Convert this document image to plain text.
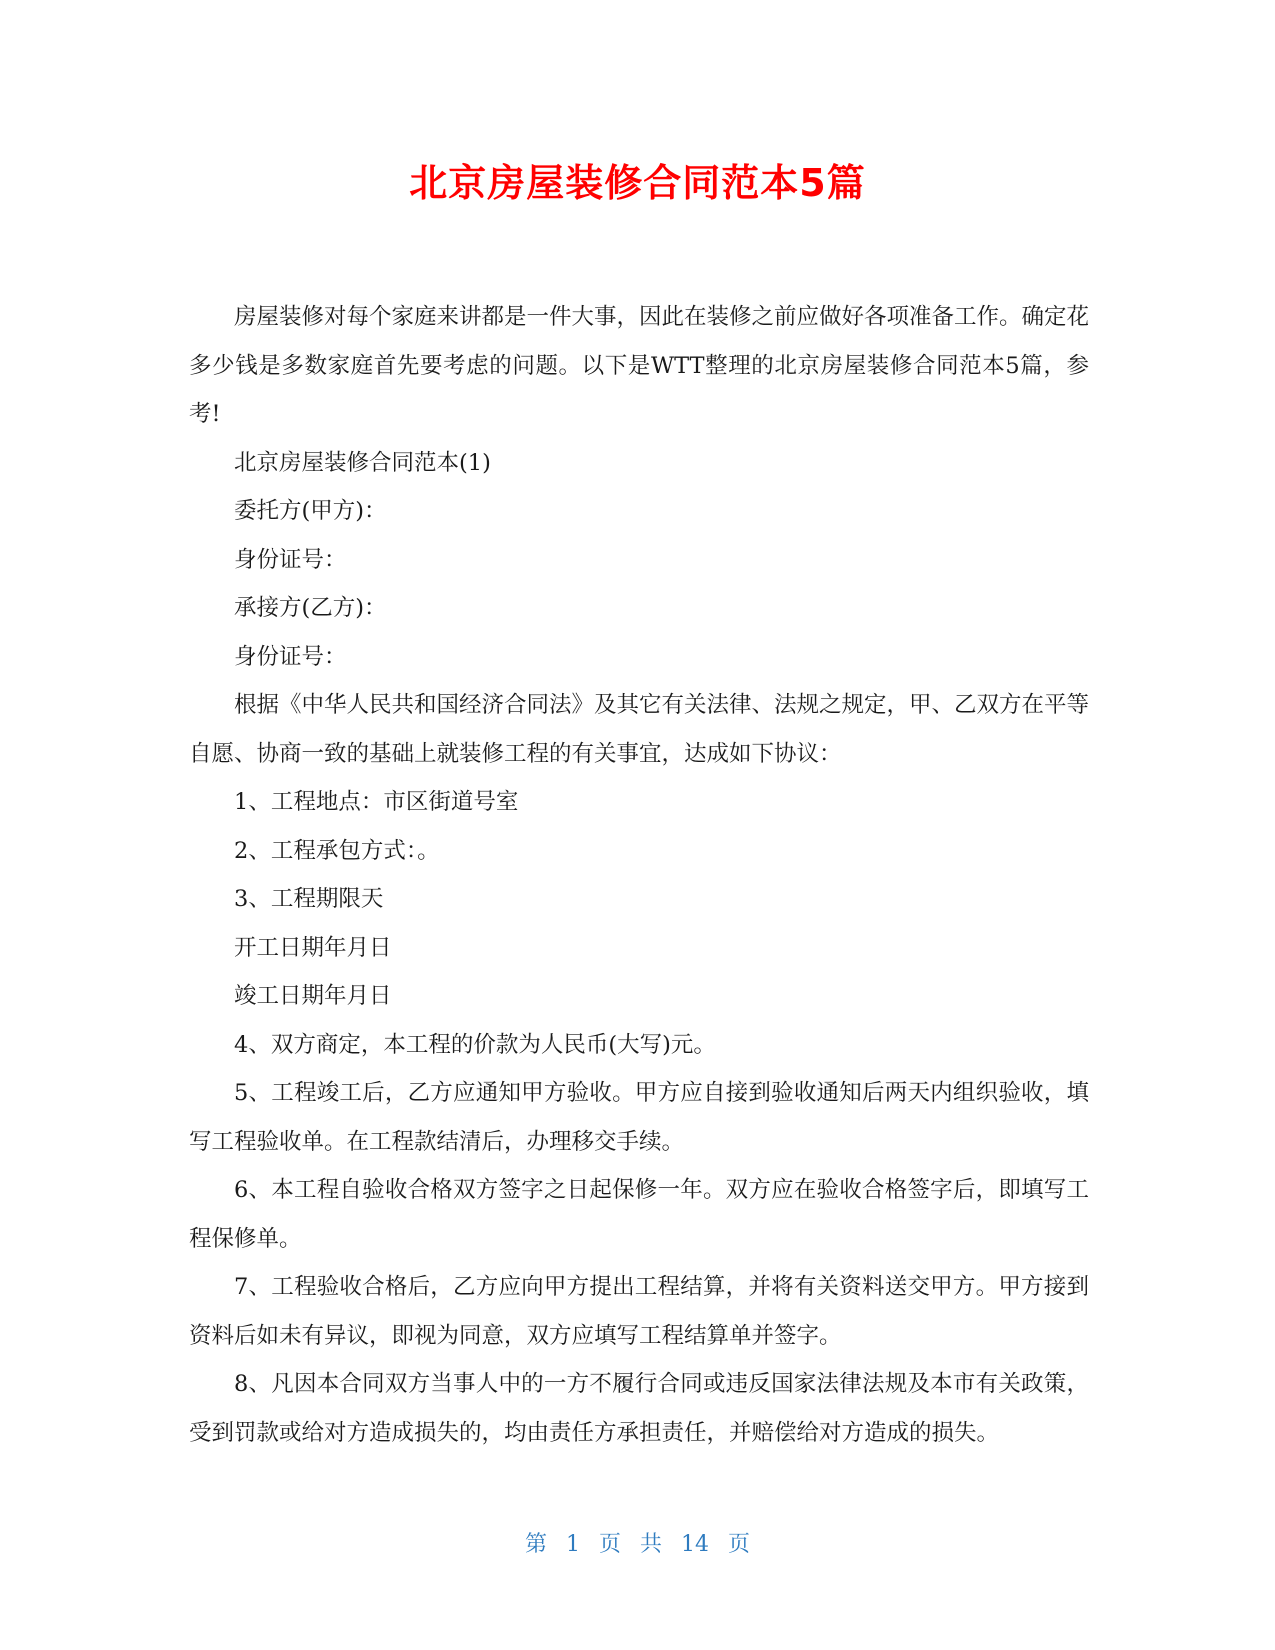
北京房屋装修合同范本5篇

房屋装修对每个家庭来讲都是一件大事，因此在装修之前应做好各项准备工作。确定花多少钱是多数家庭首先要考虑的问题。以下是WTT整理的北京房屋装修合同范本5篇，参考!

北京房屋装修合同范本(1)

委托方(甲方)：

身份证号：

承接方(乙方)：

身份证号：

根据《中华人民共和国经济合同法》及其它有关法律、法规之规定，甲、乙双方在平等自愿、协商一致的基础上就装修工程的有关事宜，达成如下协议：

1、工程地点：市区街道号室

2、工程承包方式：。

3、工程期限天

开工日期年月日

竣工日期年月日

4、双方商定，本工程的价款为人民币(大写)元。

5、工程竣工后，乙方应通知甲方验收。甲方应自接到验收通知后两天内组织验收，填写工程验收单。在工程款结清后，办理移交手续。

6、本工程自验收合格双方签字之日起保修一年。双方应在验收合格签字后，即填写工程保修单。

7、工程验收合格后，乙方应向甲方提出工程结算，并将有关资料送交甲方。甲方接到资料后如未有异议，即视为同意，双方应填写工程结算单并签字。

8、凡因本合同双方当事人中的一方不履行合同或违反国家法律法规及本市有关政策，受到罚款或给对方造成损失的，均由责任方承担责任，并赔偿给对方造成的损失。

第 1 页 共 14 页
